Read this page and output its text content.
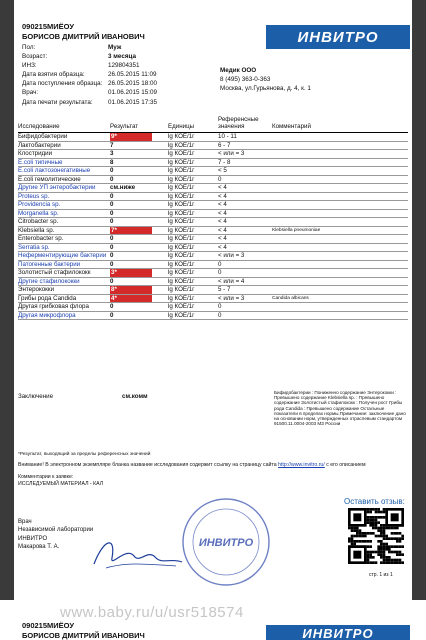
090215МИЁОУ
БОРИСОВ ДМИТРИЙ ИВАНОВИЧ
Пол:	Муж
Возраст:	3 месяца
ИНЗ:	129804351
Дата взятия образца:	26.05.2015 11:09
Дата поступления образца: 26.05.2015 18:00
Врач:	01.06.2015 15:09
Дата печати результата:	01.06.2015 17:35
ИНВИТРО
Медик ООО
8 (495) 363-0-363
Москва, ул.Гурьянова, д. 4, к. 1
Исследование	Результат	Единицы	Референсные значения	Комментарий
Бифидобактерии	9*	lg КОЕ/1г	10 - 11	
Лактобактерии	7	lg КОЕ/1г	6 - 7	
Клостридии	3	lg КОЕ/1г	< или = 3	
E.coli типичные	8	lg КОЕ/1г	7 - 8	
E.coli лактозонегативные	0	lg КОЕ/1г	< 5	
E.coli гемолитические	0	lg КОЕ/1г	0	
Другие УП энтеробактерии	см.ниже	lg КОЕ/1г	< 4	
Proteus sp.	0	lg КОЕ/1г	< 4	
Providencia sp.	0	lg КОЕ/1г	< 4	
Morganella sp.	0	lg КОЕ/1г	< 4	
Citrobacter sp.	0	lg КОЕ/1г	< 4	
Klebsiella sp.	7*	lg КОЕ/1г	< 4	Klebsiella pneumoniae
Enterobacter sp.	0	lg КОЕ/1г	< 4	
Serratia sp.	0	lg КОЕ/1г	< 4	
Неферментирующие бактерии	0	lg КОЕ/1г	< или = 3	
Патогенные бактерии	0	lg КОЕ/1г	0	
Золотистый стафилококк	3*	lg КОЕ/1г	0	
Другие стафилококки	0	lg КОЕ/1г	< или = 4	
Энтерококки	8*	lg КОЕ/1г	5 - 7	
Грибы рода Candida	4*	lg КОЕ/1г	< или = 3	Candida albicans
Другая грибковая флора	0	lg КОЕ/1г	0	
Другая микрофлора	0	lg КОЕ/1г	0	
Заключение	см.комм
Бифидобактерии : Пониженно содержание Энтерококки : Превышено содержание Klebsiella sp. : Превышено содержание Золотистый стафилококк : Получен рост Грибы рода Candida : Превышено содержание Остальные показатели в пределах нормы.Примечание: заключение дано на основании норм, утвержденных отраслевым стандартом 91500.11.0004-2003 МЗ России
*Результат, выходящий за пределы референсных значений
Внимание! В электронном экземпляре бланка название исследования содержит ссылку на страницу сайта http://www.invitro.ru/ с его описанием
Комментарии к заявке:
ИССЛЕДУЕМЫЙ МАТЕРИАЛ - КАЛ
Врач
Независимой лаборатории
ИНВИТРО
Макарова Т. А.	ИНВИТРО
Оставить отзыв:
стр. 1 из 1
www.baby.ru/u/usr518574
090215МИЁОУ
БОРИСОВ ДМИТРИЙ ИВАНОВИЧ	ИНВИТРО
